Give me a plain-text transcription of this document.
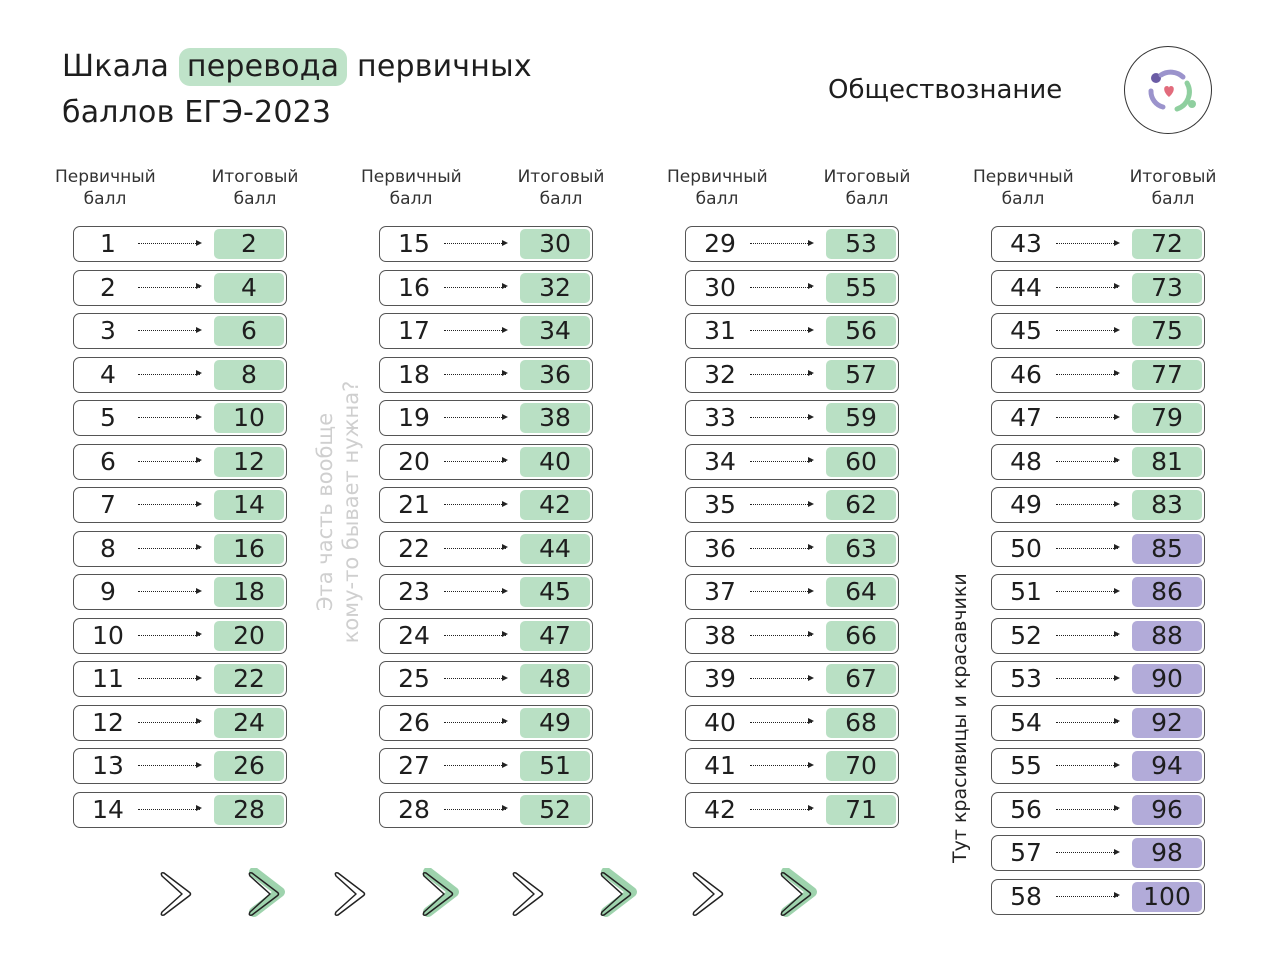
Шкала перевода первичных
баллов ЕГЭ-2023
Обществознание
Первичный балл
Итоговый балл
Первичный балл
Итоговый балл
Первичный балл
Итоговый балл
Первичный балл
Итоговый балл
Эта часть вообще
кому-то бывает нужна?
Тут красивицы и красавчики
1	2
2	4
3	6
4	8
5	10
6	12
7	14
8	16
9	18
10	20
11	22
12	24
13	26
14	28
15	30
16	32
17	34
18	36
19	38
20	40
21	42
22	44
23	45
24	47
25	48
26	49
27	51
28	52
29	53
30	55
31	56
32	57
33	59
34	60
35	62
36	63
37	64
38	66
39	67
40	68
41	70
42	71
43	72
44	73
45	75
46	77
47	79
48	81
49	83
50	85
51	86
52	88
53	90
54	92
55	94
56	96
57	98
58	100
